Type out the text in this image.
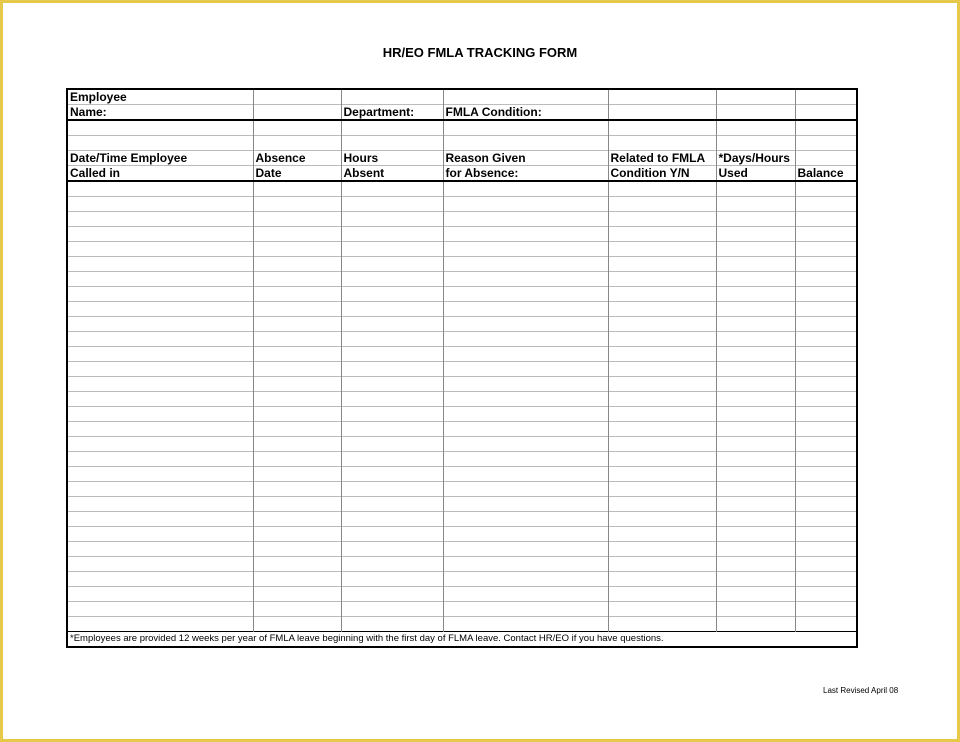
HR/EO FMLA TRACKING FORM
Employee						
Name:		Department:	FMLA Condition:			

Date/Time Employee	Absence	Hours	Reason Given	Related to FMLA	*Days/Hours	
Called in	Date	Absent	for Absence:	Condition Y/N	Used	Balance

*Employees are provided 12 weeks per year of FMLA leave beginning with the first day of FLMA leave. Contact HR/EO if you have questions.						
Last Revised April 08
